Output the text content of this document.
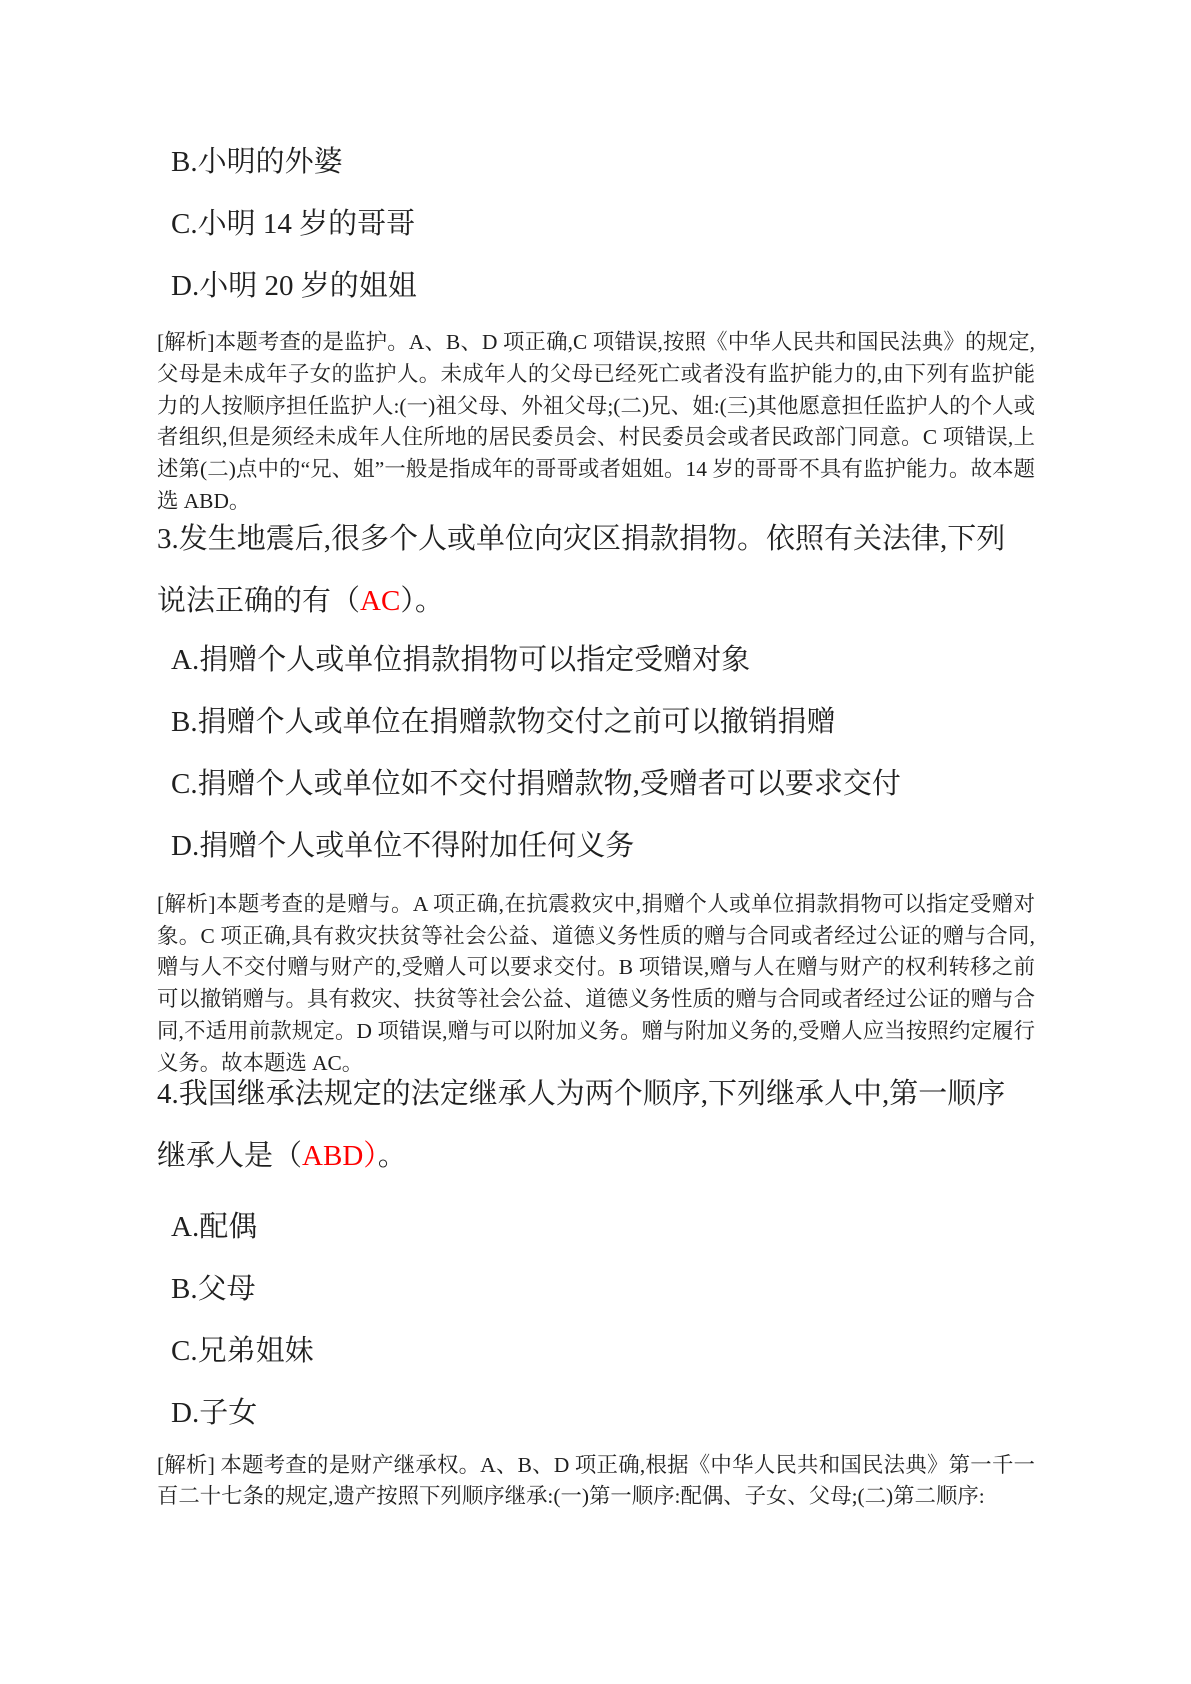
B.小明的外婆
C.小明 14 岁的哥哥
D.小明 20 岁的姐姐
[解析]本题考查的是监护。A、B、D 项正确,C 项错误,按照《中华人民共和国民法典》的规定,父母是未成年子女的监护人。未成年人的父母已经死亡或者没有监护能力的,由下列有监护能力的人按顺序担任监护人:(一)祖父母、外祖父母;(二)兄、姐:(三)其他愿意担任监护人的个人或者组织,但是须经未成年人住所地的居民委员会、村民委员会或者民政部门同意。C 项错误,上述第(二)点中的“兄、姐”一般是指成年的哥哥或者姐姐。14 岁的哥哥不具有监护能力。故本题选 ABD。
3.发生地震后,很多个人或单位向灾区捐款捐物。依照有关法律,下列
说法正确的有（AC）。
A.捐赠个人或单位捐款捐物可以指定受赠对象
B.捐赠个人或单位在捐赠款物交付之前可以撤销捐赠
C.捐赠个人或单位如不交付捐赠款物,受赠者可以要求交付
D.捐赠个人或单位不得附加任何义务
[解析]本题考查的是赠与。A 项正确,在抗震救灾中,捐赠个人或单位捐款捐物可以指定受赠对象。C 项正确,具有救灾扶贫等社会公益、道德义务性质的赠与合同或者经过公证的赠与合同,赠与人不交付赠与财产的,受赠人可以要求交付。B 项错误,赠与人在赠与财产的权利转移之前可以撤销赠与。具有救灾、扶贫等社会公益、道德义务性质的赠与合同或者经过公证的赠与合同,不适用前款规定。D 项错误,赠与可以附加义务。赠与附加义务的,受赠人应当按照约定履行义务。故本题选 AC。
4.我国继承法规定的法定继承人为两个顺序,下列继承人中,第一顺序
继承人是（ABD）。
A.配偶
B.父母
C.兄弟姐妹
D.子女
[解析] 本题考查的是财产继承权。A、B、D 项正确,根据《中华人民共和国民法典》第一千一百二十七条的规定,遗产按照下列顺序继承:(一)第一顺序:配偶、子女、父母;(二)第二顺序:
